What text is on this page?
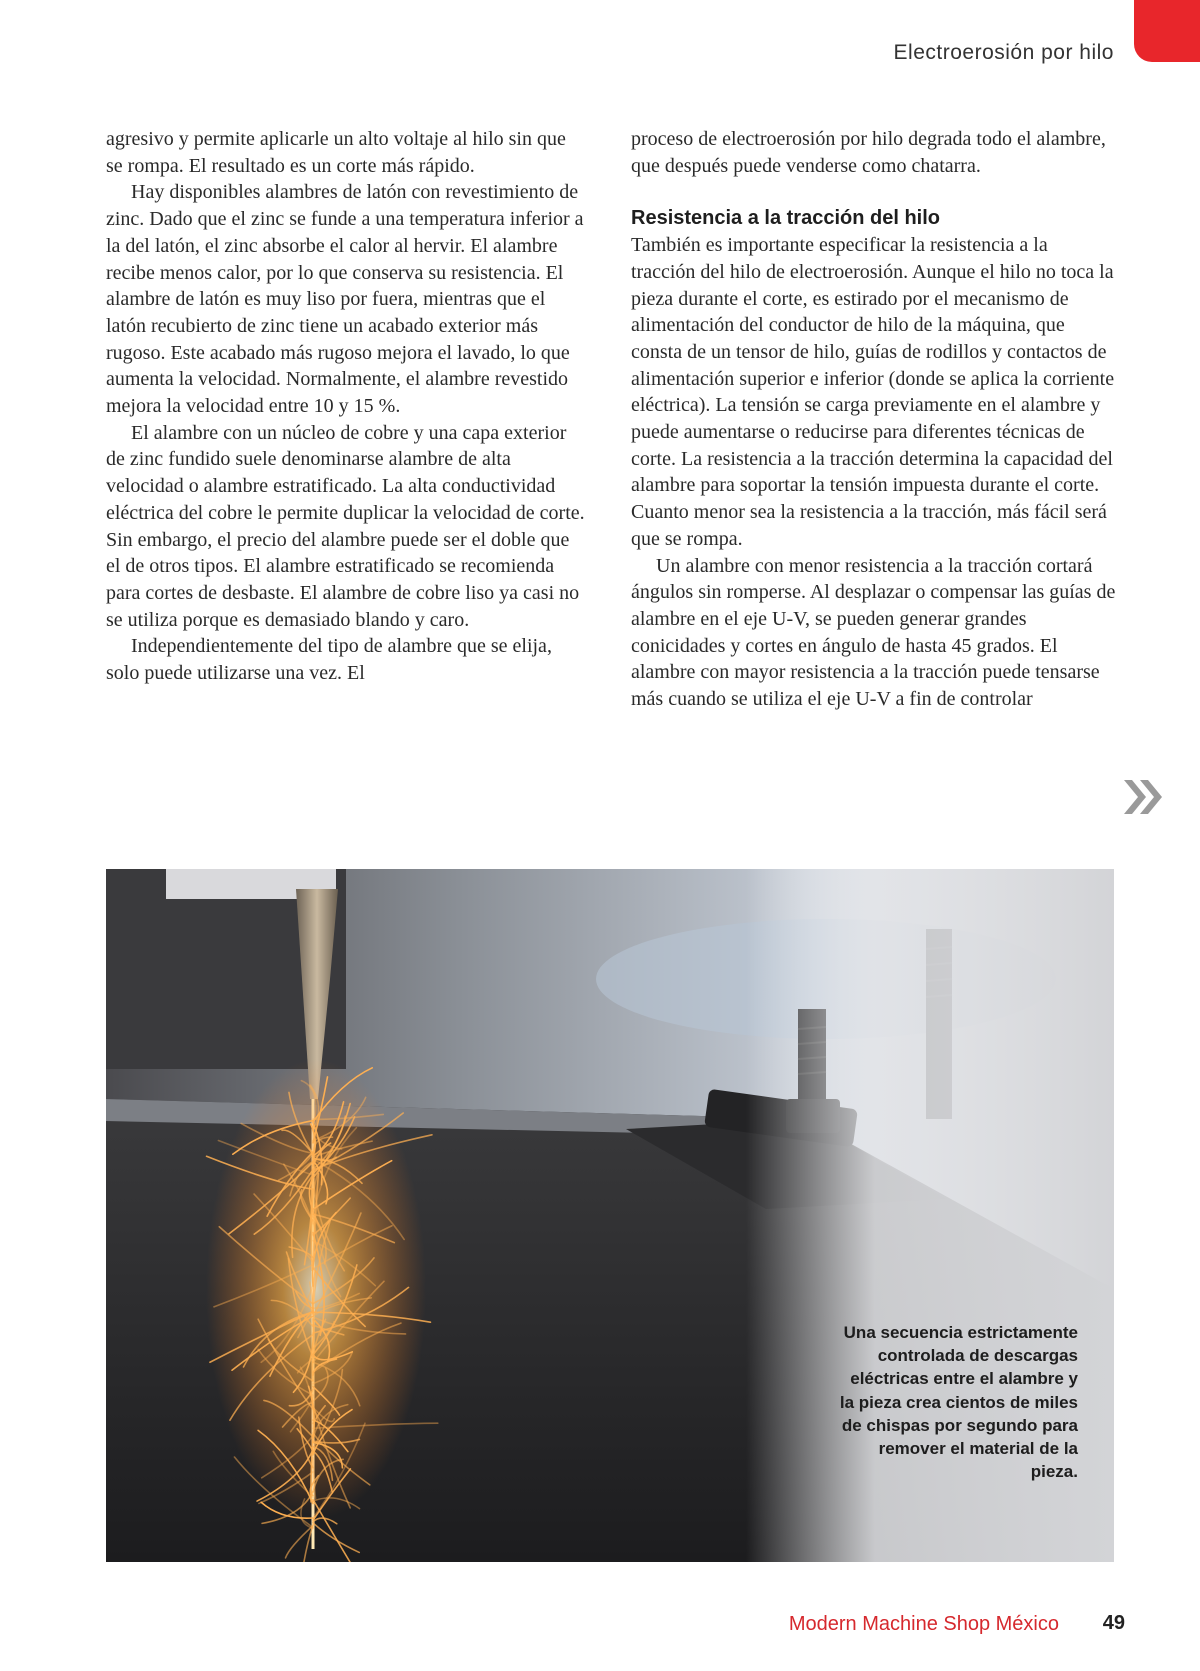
Electroerosión por hilo

agresivo y permite aplicarle un alto voltaje al hilo sin que se rompa. El resultado es un corte más rápido.

Hay disponibles alambres de latón con revestimiento de zinc. Dado que el zinc se funde a una temperatura inferior a la del latón, el zinc absorbe el calor al hervir. El alambre recibe menos calor, por lo que conserva su resistencia. El alambre de latón es muy liso por fuera, mientras que el latón recubierto de zinc tiene un acabado exterior más rugoso. Este acabado más rugoso mejora el lavado, lo que aumenta la velocidad. Normalmente, el alambre revestido mejora la velocidad entre 10 y 15 %.

El alambre con un núcleo de cobre y una capa exterior de zinc fundido suele denominarse alambre de alta velocidad o alambre estratificado. La alta conductividad eléctrica del cobre le permite duplicar la velocidad de corte. Sin embargo, el precio del alambre puede ser el doble que el de otros tipos. El alambre estratificado se recomienda para cortes de desbaste. El alambre de cobre liso ya casi no se utiliza porque es demasiado blando y caro.

Independientemente del tipo de alambre que se elija, solo puede utilizarse una vez. El

proceso de electroerosión por hilo degrada todo el alambre, que después puede venderse como chatarra.

Resistencia a la tracción del hilo

También es importante especificar la resistencia a la tracción del hilo de electroerosión. Aunque el hilo no toca la pieza durante el corte, es estirado por el mecanismo de alimentación del conductor de hilo de la máquina, que consta de un tensor de hilo, guías de rodillos y contactos de alimentación superior e inferior (donde se aplica la corriente eléctrica). La tensión se carga previamente en el alambre y puede aumentarse o reducirse para diferentes técnicas de corte. La resistencia a la tracción determina la capacidad del alambre para soportar la tensión impuesta durante el corte. Cuanto menor sea la resistencia a la tracción, más fácil será que se rompa.

Un alambre con menor resistencia a la tracción cortará ángulos sin romperse. Al desplazar o compensar las guías de alambre en el eje U-V, se pueden generar grandes conicidades y cortes en ángulo de hasta 45 grados. El alambre con mayor resistencia a la tracción puede tensarse más cuando se utiliza el eje U-V a fin de controlar

Una secuencia estrictamente controlada de descargas eléctricas entre el alambre y la pieza crea cientos de miles de chispas por segundo para remover el material de la pieza.
Modern Machine Shop México 49
